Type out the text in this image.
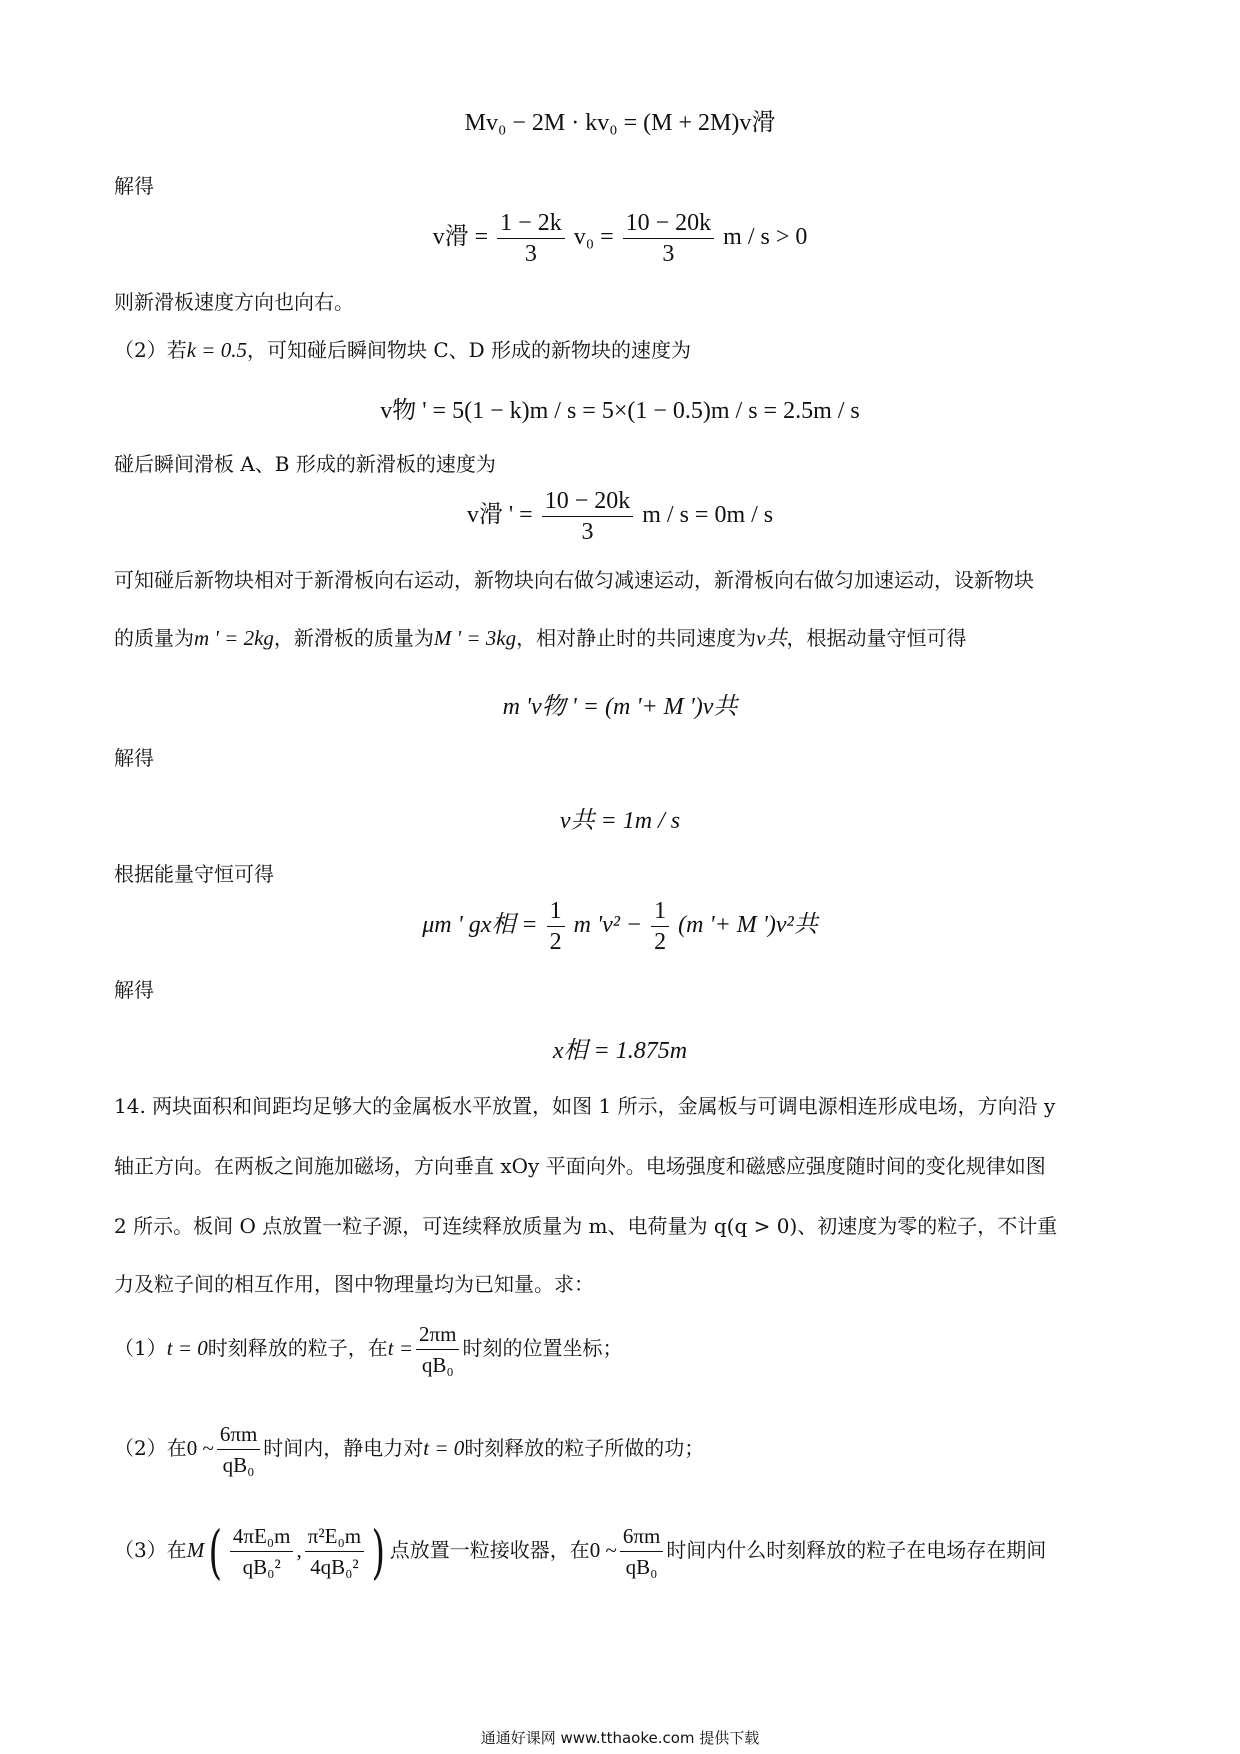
Mv₀ − 2M · kv₀ = (M + 2M)v滑
解得
v滑 = $\frac{1 - 2k}{3} v_0 = \frac{10 - 20k}{3}$ m / s > 0
则新滑板速度方向也向右。
（2）若k = 0.5，可知碰后瞬间物块 C、D 形成的新物块的速度为
v物 ' = 5(1 − k)m / s = 5×(1 − 0.5)m / s = 2.5m / s
碰后瞬间滑板 A、B 形成的新滑板的速度为
v滑 ' = $\frac{10 - 20k}{3}$ m / s = 0m / s
可知碰后新物块相对于新滑板向右运动，新物块向右做匀减速运动，新滑板向右做匀加速运动，设新物块
的质量为m ' = 2kg，新滑板的质量为M ' = 3kg，相对静止时的共同速度为v共，根据动量守恒可得
m 'v物 ' = (m '+ M ')v共
解得
v共 = 1m / s
根据能量守恒可得
μm ' gx相 = $\frac{1}{2}$ m '$v^2 - \frac{1}{2} (m$ '+ M ')v²共
解得
x相 = 1.875m
14. 两块面积和间距均足够大的金属板水平放置，如图 1 所示，金属板与可调电源相连形成电场，方向沿 y
轴正方向。在两板之间施加磁场，方向垂直 xOy 平面向外。电场强度和磁感应强度随时间的变化规律如图
2 所示。板间 O 点放置一粒子源，可连续释放质量为 m、电荷量为 q(q > 0)、初速度为零的粒子，不计重
力及粒子间的相互作用，图中物理量均为已知量。求：
（1）t = 0时刻释放的粒子，在$t = \frac{2\pi m}{\text{qB₀}}$ 时刻的位置坐标；
（2）在0 ~ $\frac{6\pi m}{\text{qB₀}}$ 时间内，静电力对t = 0时刻释放的粒子所做的功；
（3）在$M( \frac{\text{4πE₀m}}{\text{qB₀²}}$ , $\frac{\text{π²E₀m}}{\text{4qB₀²}}$ ) 点放置一粒接收器，在0 ~ $\frac{6\pi m}{\text{qB₀}}$ 时间内什么时刻释放的粒子在电场存在期间
通通好课网 www.tthaoke.com 提供下载
